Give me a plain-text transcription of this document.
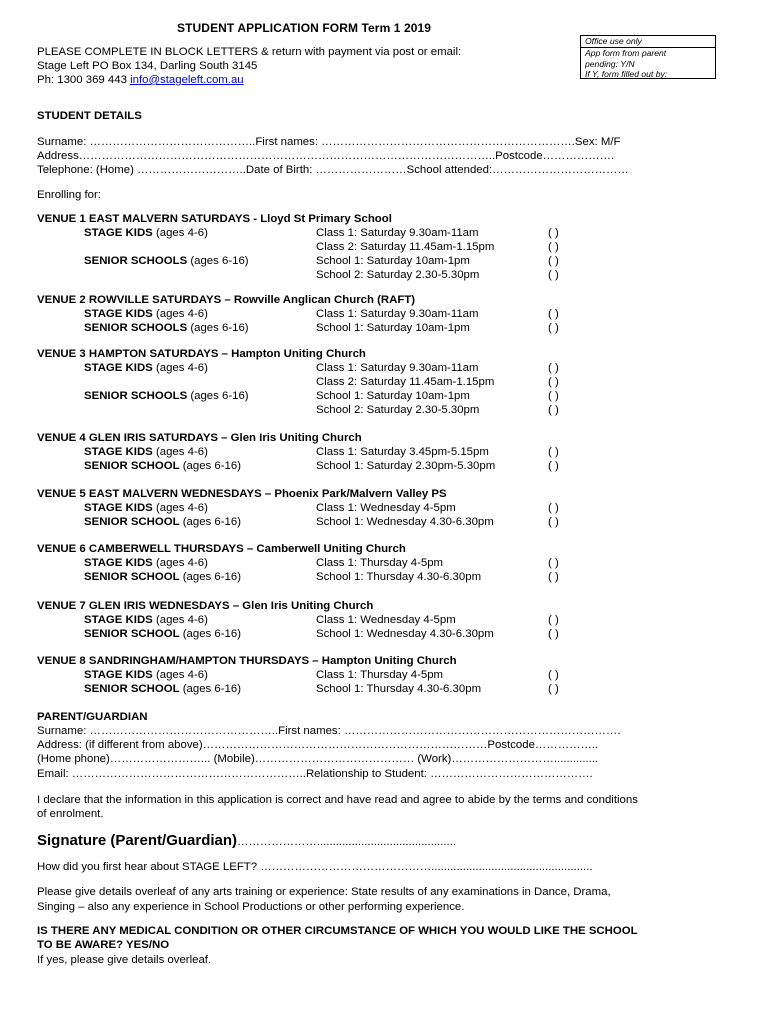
STUDENT APPLICATION FORM Term 1 2019
PLEASE COMPLETE IN BLOCK LETTERS & return with payment via post or email:
Stage Left PO Box 134, Darling South 3145
Ph: 1300 369 443 info@stageleft.com.au
Office use only
App form from parent
pending: Y/N
If Y, form filled out by:
STUDENT DETAILS
Surname: ……………………………………..First names: ………………………………………………………….Sex: M/F
Address………………………………………………………………………………………………..Postcode……………….
Telephone: (Home) ………………………..Date of Birth: ……………………School attended:………………………………
Enrolling for:
VENUE 1 EAST MALVERN SATURDAYS - Lloyd St Primary School
STAGE KIDS (ages 4-6)	Class 1: Saturday 9.30am-11am	( )
Class 2: Saturday 11.45am-1.15pm	( )
SENIOR SCHOOLS (ages 6-16)	School 1: Saturday 10am-1pm	( )
School 2: Saturday 2.30-5.30pm	( )
VENUE 2 ROWVILLE SATURDAYS – Rowville Anglican Church (RAFT)
STAGE KIDS (ages 4-6)	Class 1: Saturday 9.30am-11am	( )
SENIOR SCHOOLS (ages 6-16)	School 1: Saturday 10am-1pm	( )
VENUE 3 HAMPTON SATURDAYS – Hampton Uniting Church
STAGE KIDS (ages 4-6)	Class 1: Saturday 9.30am-11am	( )
Class 2: Saturday 11.45am-1.15pm	( )
SENIOR SCHOOLS (ages 6-16)	School 1: Saturday 10am-1pm	( )
School 2: Saturday 2.30-5.30pm	( )
VENUE 4 GLEN IRIS SATURDAYS – Glen Iris Uniting Church
STAGE KIDS (ages 4-6)	Class 1: Saturday 3.45pm-5.15pm	( )
SENIOR SCHOOL (ages 6-16)	School 1: Saturday 2.30pm-5.30pm	( )
VENUE 5 EAST MALVERN WEDNESDAYS – Phoenix Park/Malvern Valley PS
STAGE KIDS (ages 4-6)	Class 1: Wednesday 4-5pm	( )
SENIOR SCHOOL (ages 6-16)	School 1: Wednesday 4.30-6.30pm	( )
VENUE 6 CAMBERWELL THURSDAYS – Camberwell Uniting Church
STAGE KIDS (ages 4-6)	Class 1: Thursday 4-5pm	( )
SENIOR SCHOOL (ages 6-16)	School 1: Thursday 4.30-6.30pm	( )
VENUE 7 GLEN IRIS WEDNESDAYS – Glen Iris Uniting Church
STAGE KIDS (ages 4-6)	Class 1: Wednesday 4-5pm	( )
SENIOR SCHOOL (ages 6-16)	School 1: Wednesday 4.30-6.30pm	( )
VENUE 8 SANDRINGHAM/HAMPTON THURSDAYS – Hampton Uniting Church
STAGE KIDS (ages 4-6)	Class 1: Thursday 4-5pm	( )
SENIOR SCHOOL (ages 6-16)	School 1: Thursday 4.30-6.30pm	( )
PARENT/GUARDIAN
Surname: …………………………………………..First names: ……………………………………………………………….
Address: (if different from above)…………………………………………………………………Postcode……………..
(Home phone)……………………... (Mobile)…………………………………… (Work)………………………..............
Email: ……………………………………………………..Relationship to Student: …………………………………….
I declare that the information in this application is correct and have read and agree to abide by the terms and conditions
of enrolment.
Signature (Parent/Guardian)…………………............................................
How did you first hear about STAGE LEFT? ………………………………………...................................................
Please give details overleaf of any arts training or experience: State results of any examinations in Dance, Drama,
Singing – also any experience in School Productions or other performing experience.
IS THERE ANY MEDICAL CONDITION OR OTHER CIRCUMSTANCE OF WHICH YOU WOULD LIKE THE SCHOOL
TO BE AWARE? YES/NO
If yes, please give details overleaf.
